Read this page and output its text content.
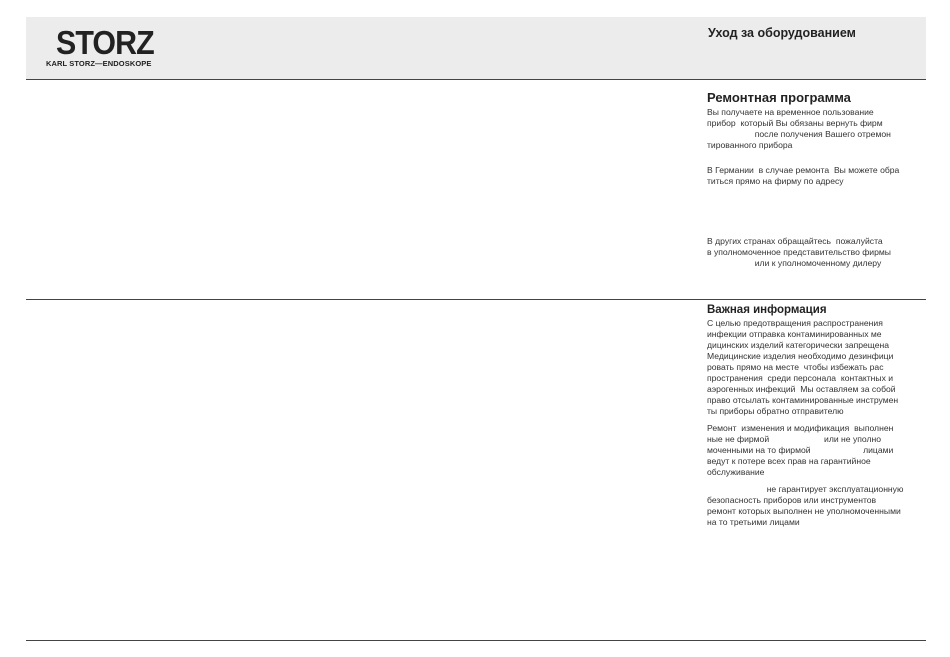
STORZ
KARL STORZ—ENDOSKOPE
Уход за оборудованием
Ремонтная программа

Вы получаете на временное пользование
прибор  который Вы обязаны вернуть фирм
после получения Вашего отремон
тированного прибора

В Германии  в случае ремонта  Вы можете обра
титься прямо на фирму по адресу

В других странах обращайтесь  пожалуйста
в уполномоченное представительство фирмы
или к уполномоченному дилеру

Важная информация

С целью предотвращения распространения
инфекции отправка контаминированных ме
дицинских изделий категорически запрещена
Медицинские изделия необходимо дезинфици
ровать прямо на месте  чтобы избежать рас
пространения  среди персонала  контактных и
аэрогенных инфекций  Мы оставляем за собой
право отсылать контаминированные инструмен
ты приборы обратно отправителю

Ремонт  изменения и модификация  выполнен
ные не фирмой                       или не уполно
моченными на то фирмой                      лицами
ведут к потере всех прав на гарантийное
обслуживание

не гарантирует эксплуатационную
безопасность приборов или инструментов
ремонт которых выполнен не уполномоченными
на то третьими лицами
